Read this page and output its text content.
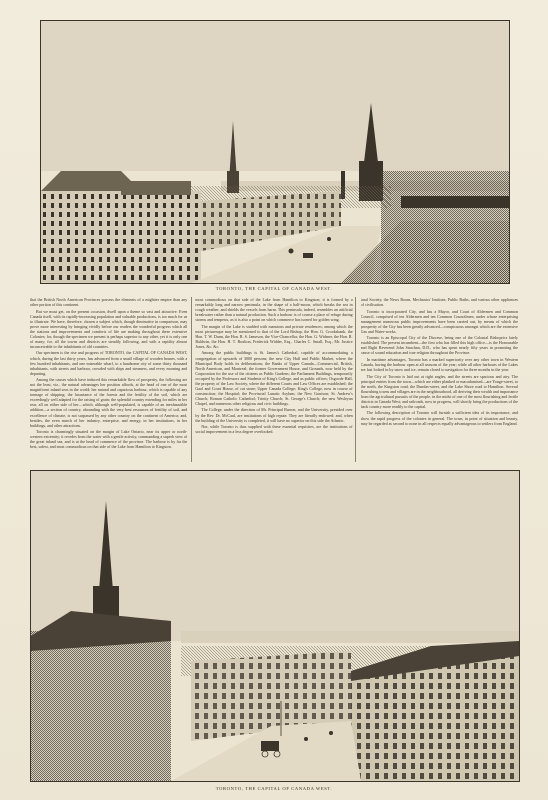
TORONTO, THE CAPITAL OF CANADA WEST.

that the British North American Provinces possess the elements of a mightier empire than any other portion of this continent.

But we must get, on the present occasion, dwell upon a theme so vast and attractive. Even Canada itself, with its rapidly-increasing population and valuable productions, is too much for us to illustrate. We have, therefore, chosen a subject which, though diminutive in comparison, may prove more interesting by bringing vividly before our readers the wonderful progress which all the stations and improvements and comforts of life are making throughout these extensive Colonies; for, though the specimen we present is perhaps superior to any other, yet it is only one of many; for, all the towns and districts are steadily following, and with a rapidity almost inconceivable to the inhabitants of old countries.

Our specimen is the rise and progress of TORONTO, the CAPITAL OF CANADA WEST, which, during the last thirty years, has advanced from a small village of wooden houses, with a few hundred inhabitants, and one miserable wharf, to a handsome city of some thirty thousand inhabitants, with streets and harbour, crowded with ships and steamers, and every morning and departing.

Among the causes which have induced this remarkable flow of prosperity, the following are not the least, viz., the natural advantages her position affords, at the head of one of the most magnificent inland seas in the world; her natural and capacious harbour, which is capable of any tonnage of shipping; the luxuriance of the forests and the fertility of the soil, which are exceedingly well adapted for the raising of grain; the splendid country extending for miles in her rear, all on either side of her—which, although well-populated, is capable of an inexhaustible addition—a section of country, abounding with the very best resources of fertility of soil, and excellence of climate, is not surpassed by any other country on the continent of America; and, besides, the even march of her industry, enterprise, and energy, in her institutions, in her buildings, and other attractions.

Toronto is charmingly situated on the margin of Lake Ontario, near its upper or north-western extremity; it recedes from the water with a gentle activity, commanding a superb view of the great inland sea, and is at the head of commerce of the province. The harbour is by far the best, safest, and most commodious on that side of the Lake from Hamilton to Kingston.

most commodious on that side of the Lake from Hamilton to Kingston; it is formed by a remarkably long and narrow peninsula, in the shape of a half-moon, which breaks the sea in rough weather, and shields the vessels from harm. This peninsula, indeed, resembles an artificial breakwater rather than a natural production. Such a harbour is of course a place of refuge during storms and tempests, as it is also a point on which commerce has turned for golden wing.

The margin of the Lake is studded with mansions and private residences; among which the most picturesque may be mentioned to that of the Lord Bishop, the Hon. G. Crookshank, the Hon. T. W. Dunn, the Hon. R. S. Jameson, the Vice-Chancellor, the Hon. G. Widmer, the Hon. R. Baldwin, the Hon. H. T. Boulton, Frederick Widder, Esq., Charles C. Small, Esq., Mr. Justice Jones, &c. &c.

Among the public buildings is St. James's Cathedral, capable of accommodating a congregation of upwards of 3000 persons; the new City Hall and Public Market, where the Municipal Body holds its deliberations; the Banks of Upper Canada—Commercial, British, North American, and Montreal; the former Government House, and Grounds, now held by the Corporation for the use of the citizens as Public Gardens; the Parliament Buildings, temporarily occupied by the Professors and Students of King's College, and as public offices; Osgoode Hall, the property of the Law Society, where the different Courts and Law Offices are established; the Gaol and Court House, of cut stone; Upper Canada College; King's College, now in course of construction; the Hospital; the Provincial Lunatic Asylum; the New Garrison; St. Andrew's Church; Roman Catholic Cathedral; Trinity Church; St. George's Church; the new Wesleyan Chapel, and numerous other religious and civic buildings.

The College, under the direction of Mr. Principal Barron, and the University, presided over by the Rev. Dr. McCaul, are institutions of high repute. They are literally endowed; and, when the building of the University is completed, it will have no superior on this side the Atlantic.

Nor, while Toronto is thus supplied with these essential requisites, are the institutions of social improvement in a less degree overlooked.

tural Society, the News Room, Mechanics' Institute, Public Baths, and various other appliances of civilisation.

Toronto is incorporated City, and has a Mayor, and Court of Aldermen and Common Council, comprised of ten Aldermen and ten Common Councilmen, under whose enterprising management numerous public improvements have been carried out, by means of which the prosperity of the City has been greatly advanced—conspicuous amongst which are the extensive Gas and Water-works.

Toronto is an Episcopal City of the Diocese, being one of the Colonial Bishoprics lately established. The present incumbent—the first who has filled this high office—is the Honourable and Right Reverend John Strachan, D.D., who has spent nearly fifty years in promoting the cause of sound education and true religion throughout the Province.

In maritime advantages, Toronto has a marked superiority over any other town in Western Canada, having the harbour open at all seasons of the year; while all other harbours of the Lakes are fast locked in by snow and ice, remain closed to navigation for three months in the year.

The City of Toronto is laid out at right angles, and the streets are spacious and airy. The principal entries from the town—which are either planked or macadamised—are Yonge-street, to the north, the Kingston road, the Dundas-street, and the Lake Shore road to Hamilton. Several flourishing towns and villages are in the neighbourhood, all deriving their wealth and importance from the agricultural pursuits of the people, in the midst of one of the most flourishing and fertile districts in Canada West; and railroads, now in progress, will shortly bring the productions of the back country more readily to the capital.

The following description of Toronto will furnish a sufficient idea of its importance, and show the rapid progress of the colonies in general. The town, in point of situation and beauty, may be regarded as second to none in all respects equally advantageous to settlers from England.

TORONTO, THE CAPITAL OF CANADA WEST.
